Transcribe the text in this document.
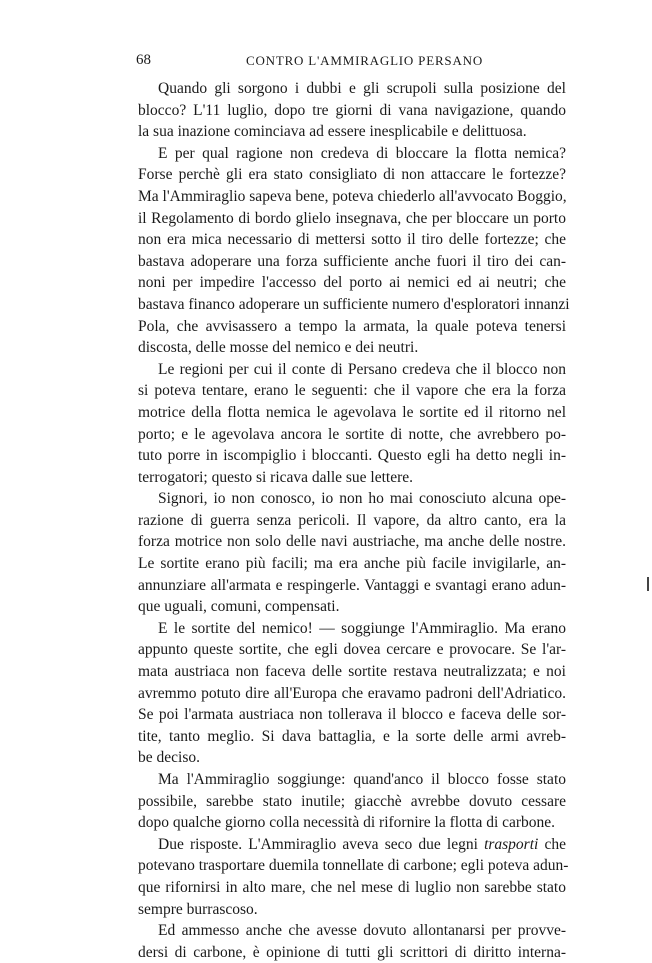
68	CONTRO L'AMMIRAGLIO PERSANO
Quando gli sorgono i dubbi e gli scrupoli sulla posizione del
blocco? L'11 luglio, dopo tre giorni di vana navigazione, quando
la sua inazione cominciava ad essere inesplicabile e delittuosa.
E per qual ragione non credeva di bloccare la flotta nemica?
Forse perchè gli era stato consigliato di non attaccare le fortezze?
Ma l'Ammiraglio sapeva bene, poteva chiederlo all'avvocato Boggio,
il Regolamento di bordo glielo insegnava, che per bloccare un porto
non era mica necessario di mettersi sotto il tiro delle fortezze; che
bastava adoperare una forza sufficiente anche fuori il tiro dei can-
noni per impedire l'accesso del porto ai nemici ed ai neutri; che
bastava financo adoperare un sufficiente numero d'esploratori innanzi
Pola, che avvisassero a tempo la armata, la quale poteva tenersi
discosta, delle mosse del nemico e dei neutri.
Le regioni per cui il conte di Persano credeva che il blocco non
si poteva tentare, erano le seguenti: che il vapore che era la forza
motrice della flotta nemica le agevolava le sortite ed il ritorno nel
porto; e le agevolava ancora le sortite di notte, che avrebbero po-
tuto porre in iscompiglio i bloccanti. Questo egli ha detto negli in-
terrogatori; questo si ricava dalle sue lettere.
Signori, io non conosco, io non ho mai conosciuto alcuna ope-
razione di guerra senza pericoli. Il vapore, da altro canto, era la
forza motrice non solo delle navi austriache, ma anche delle nostre.
Le sortite erano più facili; ma era anche più facile invigilarle, an-
annunziare all'armata e respingerle. Vantaggi e svantagi erano adun-
que uguali, comuni, compensati.
E le sortite del nemico! — soggiunge l'Ammiraglio. Ma erano
appunto queste sortite, che egli dovea cercare e provocare. Se l'ar-
mata austriaca non faceva delle sortite restava neutralizzata; e noi
avremmo potuto dire all'Europa che eravamo padroni dell'Adriatico.
Se poi l'armata austriaca non tollerava il blocco e faceva delle sor-
tite, tanto meglio. Si dava battaglia, e la sorte delle armi avreb-
be deciso.
Ma l'Ammiraglio soggiunge: quand'anco il blocco fosse stato
possibile, sarebbe stato inutile; giacchè avrebbe dovuto cessare
dopo qualche giorno colla necessità di rifornire la flotta di carbone.
Due risposte. L'Ammiraglio aveva seco due legni trasporti che
potevano trasportare duemila tonnellate di carbone; egli poteva adun-
que rifornirsi in alto mare, che nel mese di luglio non sarebbe stato
sempre burrascoso.
Ed ammesso anche che avesse dovuto allontanarsi per provve-
dersi di carbone, è opinione di tutti gli scrittori di diritto interna-
